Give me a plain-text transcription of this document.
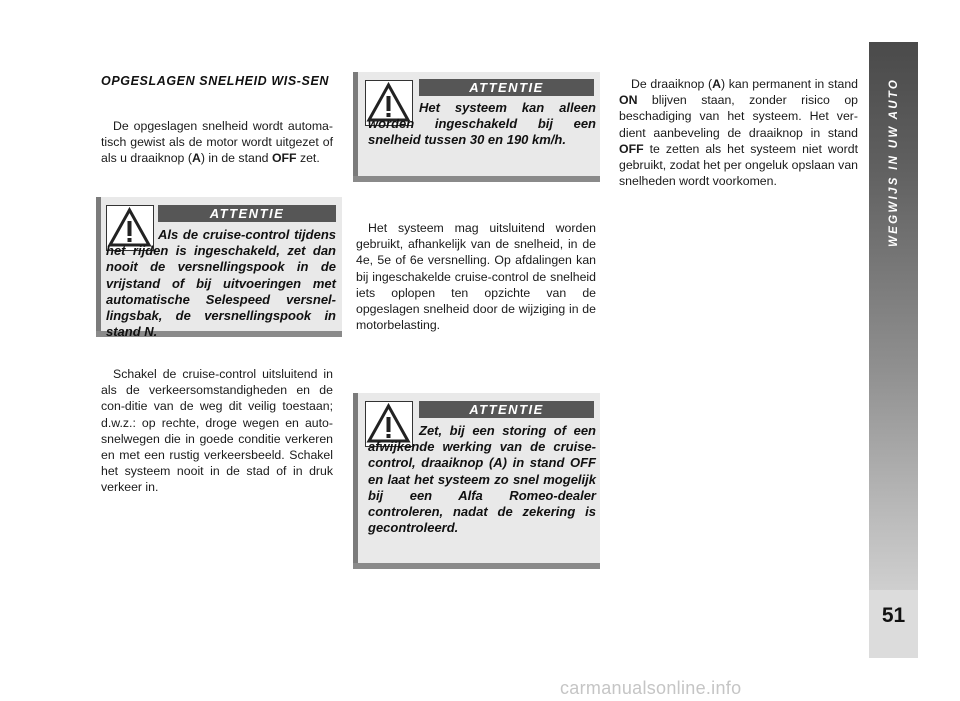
WEGWIJS IN UW AUTO
51
OPGESLAGEN SNELHEID WIS-SEN

De opgeslagen snelheid wordt automa-tisch gewist als de motor wordt uitgezet of als u draaiknop (A) in de stand OFF zet.

ATTENTIE
Als de cruise-control tijdens het rijden is ingeschakeld, zet dan nooit de versnellingspook in de vrijstand of bij uitvoeringen met automatische Selespeed versnel-lingsbak, de versnellingspook in stand N.

Schakel de cruise-control uitsluitend in als de verkeersomstandigheden en de con-ditie van de weg dit veilig toestaan; d.w.z.: op rechte, droge wegen en auto-snelwegen die in goede conditie verkeren en met een rustig verkeersbeeld. Schakel het systeem nooit in de stad of in druk verkeer in.

ATTENTIE
Het systeem kan alleen worden ingeschakeld bij een snelheid tussen 30 en 190 km/h.

Het systeem mag uitsluitend worden gebruikt, afhankelijk van de snelheid, in de 4e, 5e of 6e versnelling. Op afdalingen kan bij ingeschakelde cruise-control de snelheid iets oplopen ten opzichte van de opgeslagen snelheid door de wijziging in de motorbelasting.

ATTENTIE
Zet, bij een storing of een afwijkende werking van de cruise-control, draaiknop (A) in stand OFF en laat het systeem zo snel mogelijk bij een Alfa Romeo-dealer controleren, nadat de zekering is gecontroleerd.

De draaiknop (A) kan permanent in stand ON blijven staan, zonder risico op beschadiging van het systeem. Het ver-dient aanbeveling de draaiknop in stand OFF te zetten als het systeem niet wordt gebruikt, zodat het per ongeluk opslaan van snelheden wordt voorkomen.

carmanualsonline.info
